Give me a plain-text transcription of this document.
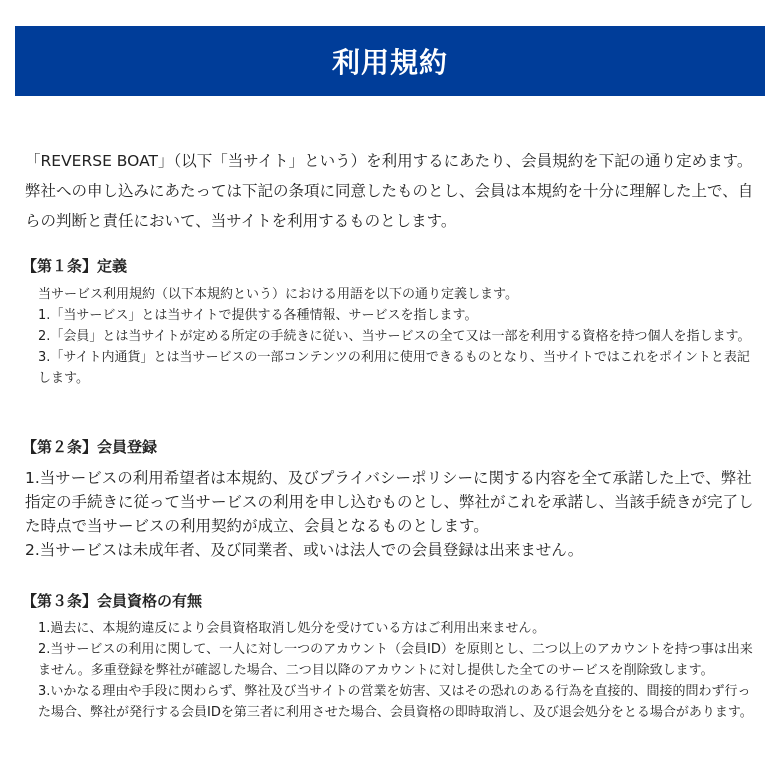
利用規約

「REVERSE BOAT」（以下「当サイト」という）を利用するにあたり、会員規約を下記の通り定めます。弊社への申し込みにあたっては下記の条項に同意したものとし、会員は本規約を十分に理解した上で、自らの判断と責任において、当サイトを利用するものとします。

【第１条】定義

当サービス利用規約（以下本規約という）における用語を以下の通り定義します。

1.「当サービス」とは当サイトで提供する各種情報、サービスを指します。

2.「会員」とは当サイトが定める所定の手続きに従い、当サービスの全て又は一部を利用する資格を持つ個人を指します。

3.「サイト内通貨」とは当サービスの一部コンテンツの利用に使用できるものとなり、当サイトではこれをポイントと表記します。

【第２条】会員登録

1.当サービスの利用希望者は本規約、及びプライバシーポリシーに関する内容を全て承諾した上で、弊社指定の手続きに従って当サービスの利用を申し込むものとし、弊社がこれを承諾し、当該手続きが完了した時点で当サービスの利用契約が成立、会員となるものとします。

2.当サービスは未成年者、及び同業者、或いは法人での会員登録は出来ません。

【第３条】会員資格の有無

1.過去に、本規約違反により会員資格取消し処分を受けている方はご利用出来ません。

2.当サービスの利用に関して、一人に対し一つのアカウント（会員ID）を原則とし、二つ以上のアカウントを持つ事は出来ません。多重登録を弊社が確認した場合、二つ目以降のアカウントに対し提供した全てのサービスを削除致します。

3.いかなる理由や手段に関わらず、弊社及び当サイトの営業を妨害、又はその恐れのある行為を直接的、間接的問わず行った場合、弊社が発行する会員IDを第三者に利用させた場合、会員資格の即時取消し、及び退会処分をとる場合があります。
